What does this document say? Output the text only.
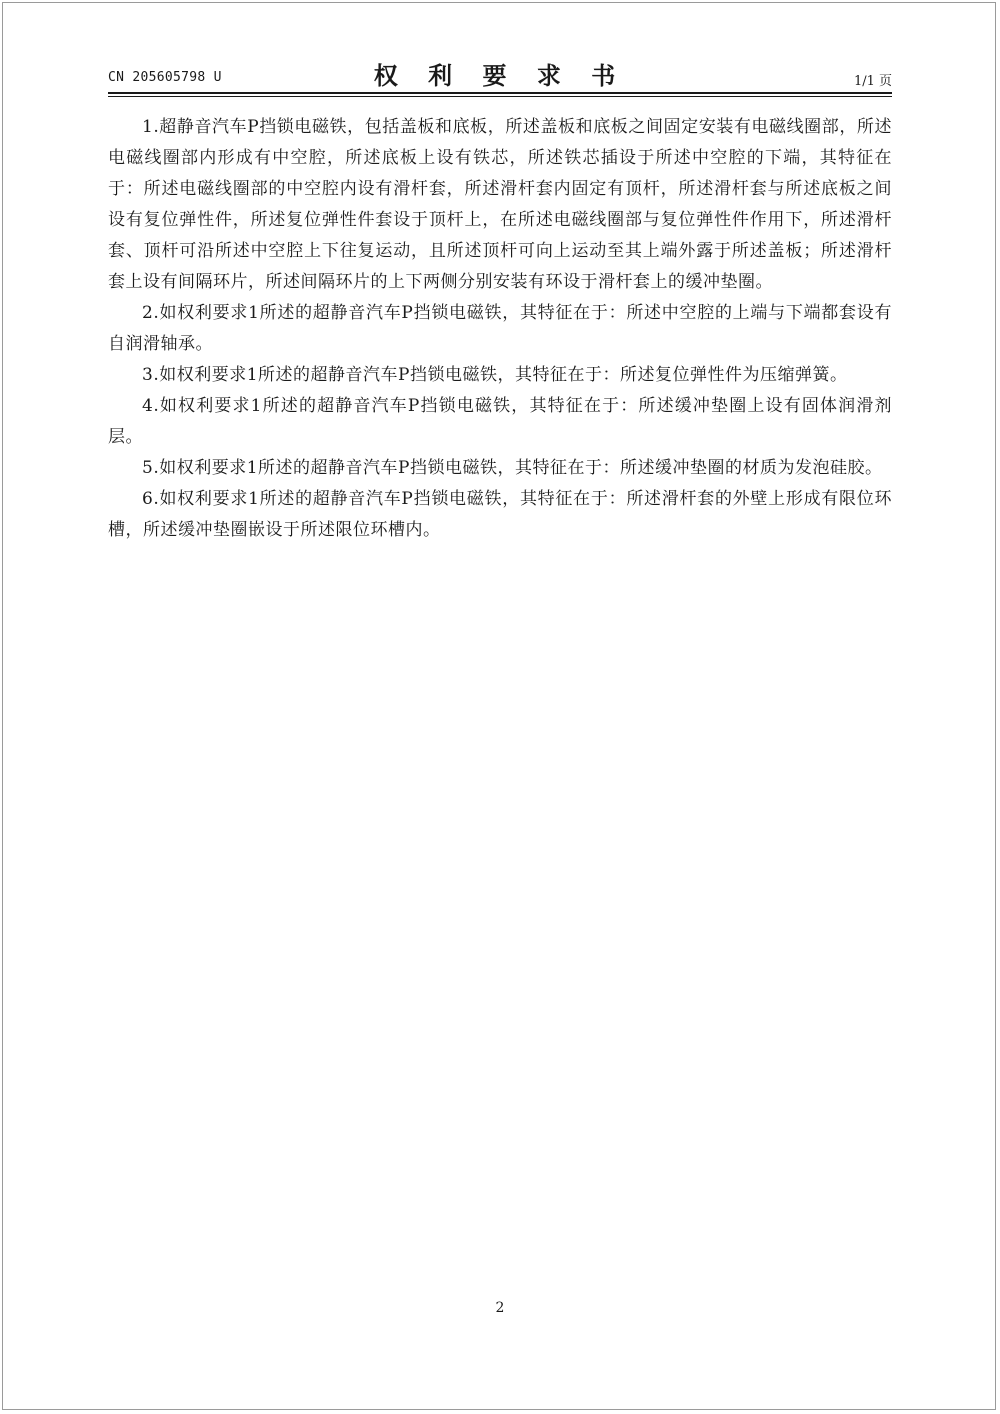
CN 205605798 U	权 利 要 求 书	1/1 页

1.超静音汽车P挡锁电磁铁，包括盖板和底板，所述盖板和底板之间固定安装有电磁线圈部，所述电磁线圈部内形成有中空腔，所述底板上设有铁芯，所述铁芯插设于所述中空腔的下端，其特征在于：所述电磁线圈部的中空腔内设有滑杆套，所述滑杆套内固定有顶杆，所述滑杆套与所述底板之间设有复位弹性件，所述复位弹性件套设于顶杆上，在所述电磁线圈部与复位弹性件作用下，所述滑杆套、顶杆可沿所述中空腔上下往复运动，且所述顶杆可向上运动至其上端外露于所述盖板；所述滑杆套上设有间隔环片，所述间隔环片的上下两侧分别安装有环设于滑杆套上的缓冲垫圈。

2.如权利要求1所述的超静音汽车P挡锁电磁铁，其特征在于：所述中空腔的上端与下端都套设有自润滑轴承。

3.如权利要求1所述的超静音汽车P挡锁电磁铁，其特征在于：所述复位弹性件为压缩弹簧。

4.如权利要求1所述的超静音汽车P挡锁电磁铁，其特征在于：所述缓冲垫圈上设有固体润滑剂层。

5.如权利要求1所述的超静音汽车P挡锁电磁铁，其特征在于：所述缓冲垫圈的材质为发泡硅胶。

6.如权利要求1所述的超静音汽车P挡锁电磁铁，其特征在于：所述滑杆套的外壁上形成有限位环槽，所述缓冲垫圈嵌设于所述限位环槽内。

2
